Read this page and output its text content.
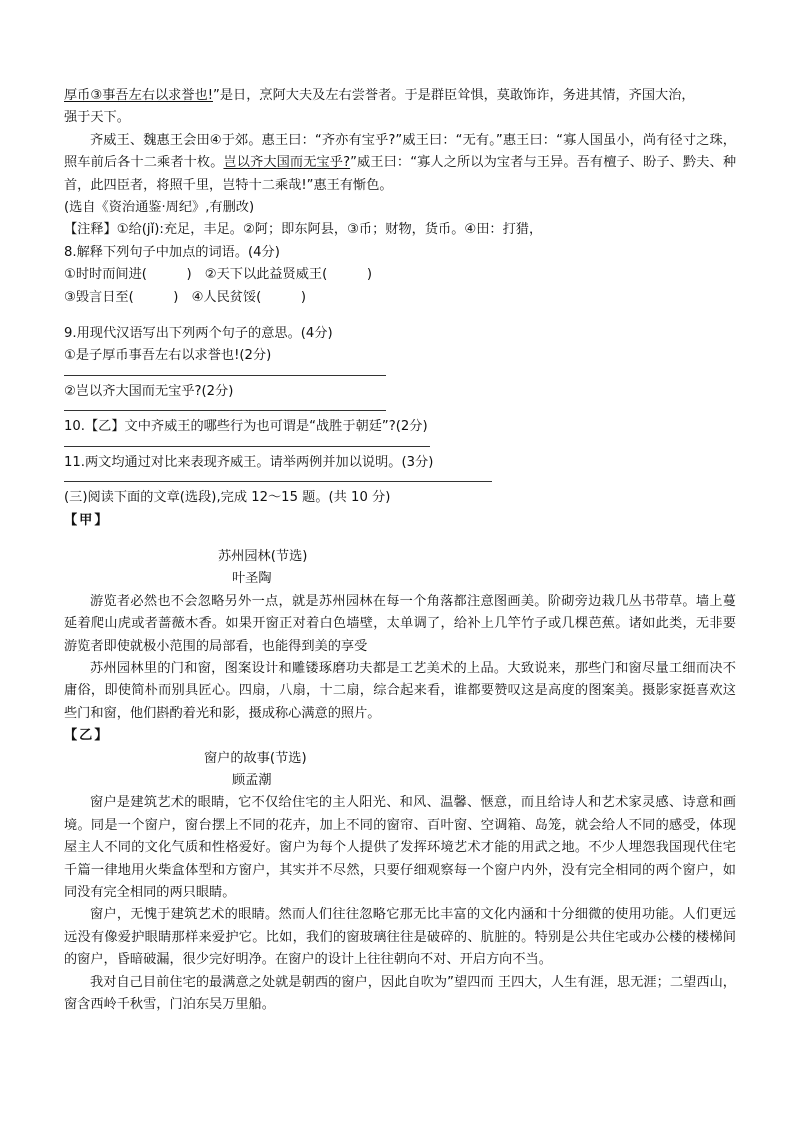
厚币③事吾左右以求誉也!”是日，烹阿大夫及左右尝誉者。于是群臣耸惧，莫敢饰诈，务进其情，齐国大治，
强于天下。

齐威王、魏惠王会田④于郊。惠王曰：“齐亦有宝乎?”威王曰：“无有。”惠王曰：“寡人国虽小，尚有径寸之珠，照车前后各十二乘者十枚。岂以齐大国而无宝乎?”威王曰：“寡人之所以为宝者与王异。吾有檀子、盼子、黔夫、种首，此四臣者，将照千里，岂特十二乘哉!”惠王有惭色。

(选自《资治通鉴·周纪》,有删改)

【注释】①给(jǐ):充足，丰足。②阿；即东阿县，③币；财物，货币。④田：打猎，

8.解释下列句子中加点的词语。(4分)

①时时而间进(　　　)　②天下以此益贤威王(　　　)

③毁言日至(　　　)　④人民贫馁(　　　)

9.用现代汉语写出下列两个句子的意思。(4分)

①是子厚币事吾左右以求誉也!(2分)

②岂以齐大国而无宝乎?(2分)

10.【乙】文中齐威王的哪些行为也可谓是“战胜于朝廷”?(2分)

11.两文均通过对比来表现齐威王。请举两例并加以说明。(3分)

(三)阅读下面的文章(选段),完成 12～15 题。(共 10 分)

【甲】

苏州园林(节选)

叶圣陶

游览者必然也不会忽略另外一点，就是苏州园林在每一个角落都注意图画美。阶砌旁边栽几丛书带草。墙上蔓延着爬山虎或者蔷薇木香。如果开窗正对着白色墙壁，太单调了，给补上几竿竹子或几棵芭蕉。诸如此类，无非要游览者即使就极小范围的局部看，也能得到美的享受

苏州园林里的门和窗，图案设计和雕镂琢磨功夫都是工艺美术的上品。大致说来，那些门和窗尽量工细而决不庸俗，即使简朴而别具匠心。四扇，八扇，十二扇，综合起来看，谁都要赞叹这是高度的图案美。摄影家挺喜欢这些门和窗，他们斟酌着光和影，摄成称心满意的照片。

【乙】

窗户的故事(节选)

顾孟潮

窗户是建筑艺术的眼睛，它不仅给住宅的主人阳光、和风、温馨、惬意，而且给诗人和艺术家灵感、诗意和画境。同是一个窗户，窗台摆上不同的花卉，加上不同的窗帘、百叶窗、空调箱、岛笼，就会给人不同的感受，体现屋主人不同的文化气质和性格爱好。窗户为每个人提供了发挥环境艺术才能的用武之地。不少人埋怨我国现代住宅千篇一律地用火柴盒体型和方窗户，其实并不尽然，只要仔细观察每一个窗户内外，没有完全相同的两个窗户，如同没有完全相同的两只眼睛。

窗户，无愧于建筑艺术的眼睛。然而人们往往忽略它那无比丰富的文化内涵和十分细微的使用功能。人们更远远没有像爱护眼睛那样来爱护它。比如，我们的窗玻璃往往是破碎的、肮脏的。特别是公共住宅或办公楼的楼梯间的窗户，昏暗破漏，很少完好明净。在窗户的设计上往往朝向不对、开启方向不当。

我对自己目前住宅的最满意之处就是朝西的窗户，因此自吹为”望四而 王四大，人生有涯，思无涯；二望西山，窗含西岭千秋雪，门泊东吴万里船。
